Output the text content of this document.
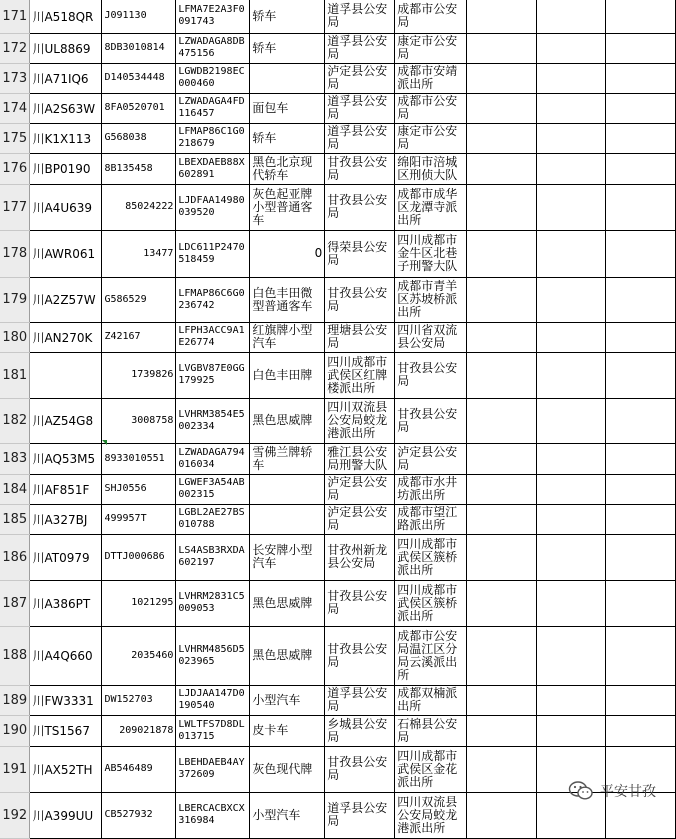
171	川A518QR	J091130	LFMA7E2A3F0091743	轿车	道孚县公安局	成都市公安局			
172	川UL8869	8DB3010814	LZWADAGA8DB475156	轿车	道孚县公安局	康定市公安局			
173	川A71IQ6	D140534448	LGWDB2198EC000460		泸定县公安局	成都市安靖派出所			
174	川A2S63W	8FA0520701	LZWADAGA4FD116457	面包车	道孚县公安局	成都市公安局			
175	川K1X113	G568038	LFMAP86C1G0218679	轿车	道孚县公安局	康定市公安局			
176	川BP0190	8B135458	LBEXDAEB88X602891	黑色北京现代轿车	甘孜县公安局	绵阳市涪城区刑侦大队			
177	川A4U639	85024222	LJDFAA14980039520	灰色起亚牌小型普通客车	甘孜县公安局	成都市成华区龙潭寺派出所			
178	川AWR061	13477	LDC611P2470518459	0	得荣县公安局	四川成都市金牛区北巷子刑警大队			
179	川A2Z57W	G586529	LFMAP86C6G0236742	白色丰田微型普通客车	甘孜县公安局	成都市青羊区苏坡桥派出所			
180	川AN270K	Z42167	LFPH3ACC9A1E26774	红旗牌小型汽车	理塘县公安局	四川省双流县公安局			
181		1739826	LVGBV87E0GG179925	白色丰田牌	四川成都市武侯区红牌楼派出所	甘孜县公安局			
182	川AZ54G8	3008758	LVHRM3854E5002334	黑色思威牌	四川双流县公安局蛟龙港派出所	甘孜县公安局			
183	川AQ53M5	8933010551	LZWADAGA794016034	雪佛兰牌轿车	雅江县公安局刑警大队	泸定县公安局			
184	川AF851F	SHJ0556	LGWEF3A54AB002315		泸定县公安局	成都市水井坊派出所			
185	川A327BJ	499957T	LGBL2AE27BS010788		泸定县公安局	成都市望江路派出所			
186	川AT0979	DTTJ000686	LS4ASB3RXDA602197	长安牌小型汽车	甘孜州新龙县公安局	四川成都市武侯区簇桥派出所			
187	川A386PT	1021295	LVHRM2831C5009053	黑色思威牌	甘孜县公安局	四川成都市武侯区簇桥派出所			
188	川A4Q660	2035460	LVHRM4856D5023965	黑色思威牌	甘孜县公安局	成都市公安局温江区分局云溪派出所			
189	川FW3331	DW152703	LJDJAA147D0190540	小型汽车	道孚县公安局	成都双楠派出所			
190	川TS1567	209021878	LWLTFS7D8DL013715	皮卡车	乡城县公安局	石棉县公安局			
191	川AX52TH	AB546489	LBEHDAEB4AY372609	灰色现代牌	甘孜县公安局	四川成都市武侯区金花派出所			
192	川A399UU	CB527932	LBERCACBXCX316984	小型汽车	道孚县公安局	四川双流县公安局蛟龙港派出所			
平安甘孜
